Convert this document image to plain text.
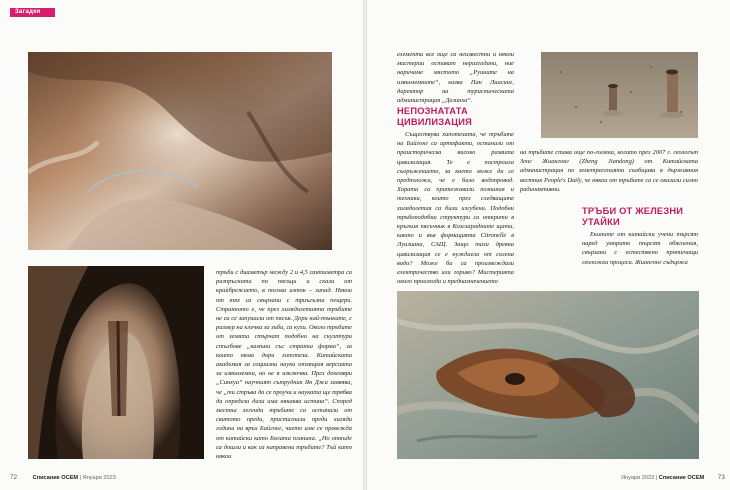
Загадки

тръби с диаметър между 2 и 4,5 сантиметра са разпръснати по пясъци и скали от крайбрежието, в посока изток – запад. Някои от тях са свързани с триъгълни пещери. Странното е, че през хилядолетията тръбите не са се запушили от пясък. Дори най-тънките, с размер на клечка за зъби, са кухи. Около тръбите от земята стърчат подобно на скулптури стълбове „камъни със странна форма“, за които няма дори хипотеза. Китайската академия за социални науки отхвърля версията за извънземни, но не я изключва. През декември „Синхуа“ научният сътрудник Ян Джи заявява, че „ти стръва да се проучи и науката ще трябва да определи дали има някаква истина“. Според местна легенда тръбите са останали от свитото преди, пристигнали преди хиляди години на връх Байгонг, чието име се превежда от китайски като Бялата планина. „Но откъде са дошли и как са направени тръбите? Тъй като някои

72	Списание ОСЕМ | Януари 2023

елементи все още са неизвестни и някои мистерии остават неразгадани, ние наричаме мястото „Руините на извънземните“, казва Пан Лиасинг, директор на туристическата администрация „Делинха“.

НЕПОЗНАТАТА ЦИВИЛИЗАЦИЯ

Съществува хипотезата, че тръбите на Байгонг са артефакти, останали от праисторическа високо развита цивилизация. Те е построила съоръжението, за което може да се предположи, че е било водопровод. Хората са притежавали познания и техники, които през следващите хилядолетия са били изгубени. Подобни тръбоподобни структури са открити в кръгкия пясъчник в Козгларадните щати, както и във формацията Citronelle в Луизиана, САЩ. Защо тази древна цивилизация се е нуждаела от солена вода? Може би са произвеждали електричество или гориво? Мистерията около произхода и предназначението

на тръбите става още по-голяма, когато през 2007 г. геологът Зенг Жиангонг (Zheng Jiandong) от Китайската администрация по земетресенията съобщава в държавния вестник People's Daily, че някои от тръбите са се оказали силно радиоактивни.

ТРЪБИ ОТ ЖЕЛЕЗНИ УТАЙКИ

Екипите от китайски учени търсят наред уморито търсят обяснения, свързани с естествено протичащи геоложки процеси. Жиангонг съдържа

Януари 2023 | Списание ОСЕМ 73
